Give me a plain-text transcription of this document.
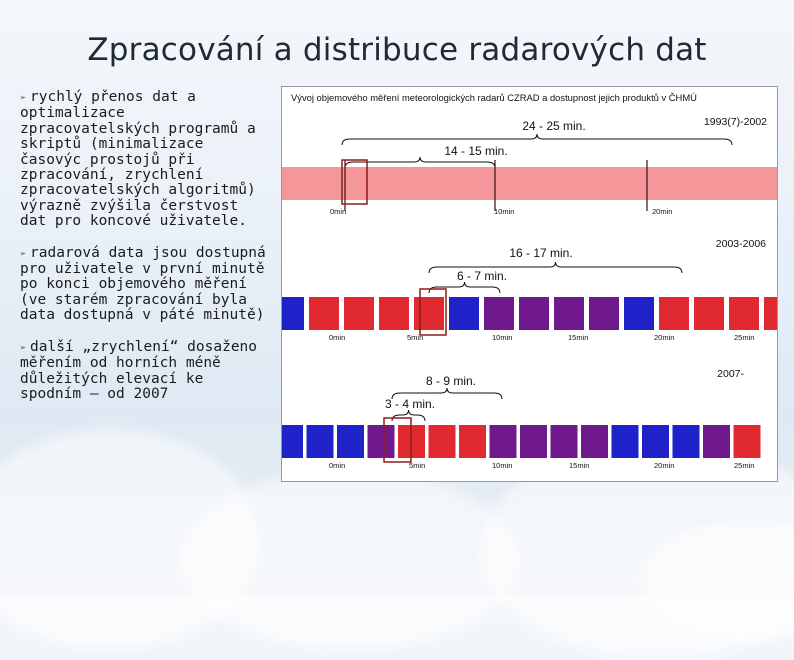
Zpracování a distribuce radarových dat
➢ rychlý přenos dat a optimalizace zpracovatelských programů a skriptů (minimalizace časovýc prostojů při zpracování, zrychlení zpracovatelských algoritmů) výrazně zvýšila čerstvost dat pro koncové uživatele.
➢ radarová data jsou dostupná pro uživatele v první minutě po konci objemového měření (ve starém zpracování byla data dostupná v páté minutě)
➢ další „zrychlení“ dosaženo měřením od horních méně důležitých elevací ke spodním – od 2007
Vývoj objemového měření meteorologických radarů CZRAD a dostupnost jejich produktů v ČHMÚ
1993(7)-2002
24 - 25 min.
14 - 15 min.
0min	10min	20min
2003-2006
16 - 17 min.
6 - 7 min.
0min	5min	10min	15min	20min	25min
2007-
8 - 9 min.
3 - 4 min.
0min	5min	10min	15min	20min	25min
